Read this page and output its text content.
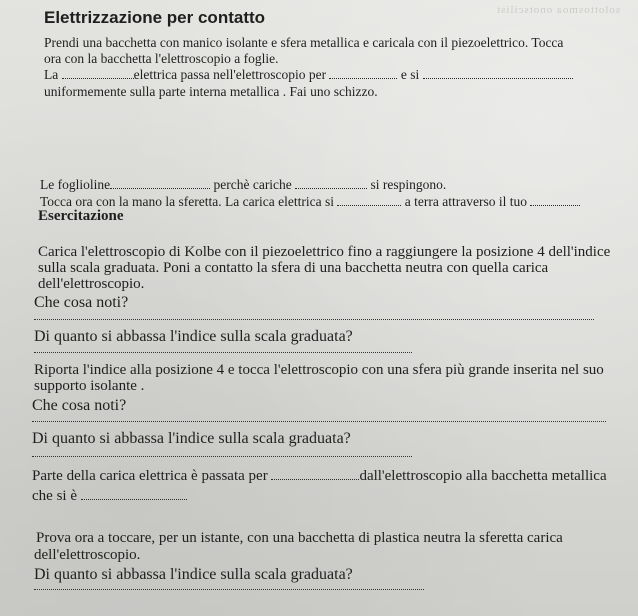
solottosmoa onotscilist
Elettrizzazione per contatto
Prendi una bacchetta con manico isolante e sfera metallica e caricala con il piezoelettrico. Tocca
ora con la bacchetta l'elettroscopio a foglie.
La	elettrica passa nell'elettroscopio per	e si
uniformemente sulla parte interna metallica . Fai uno schizzo.
Le foglioline	perchè cariche	si respingono.
Tocca ora con la mano la sferetta. La carica elettrica si	a terra attraverso il tuo
Esercitazione
Carica l'elettroscopio di Kolbe con il piezoelettrico fino a raggiungere la posizione 4 dell'indice
sulla scala graduata. Poni a contatto la sfera di una bacchetta neutra con quella carica
dell'elettroscopio.
Che cosa noti?
Di quanto si abbassa l'indice sulla scala graduata?
Riporta l'indice alla posizione 4 e tocca l'elettroscopio con una sfera più grande inserita nel suo
supporto isolante .
Che cosa noti?
Di quanto si abbassa l'indice sulla scala graduata?
Parte della carica elettrica è passata per	dall'elettroscopio alla bacchetta metallica
che si è
Prova ora a toccare, per un istante, con una bacchetta di plastica neutra la sferetta carica
dell'elettroscopio.
Di quanto si abbassa l'indice sulla scala graduata?
